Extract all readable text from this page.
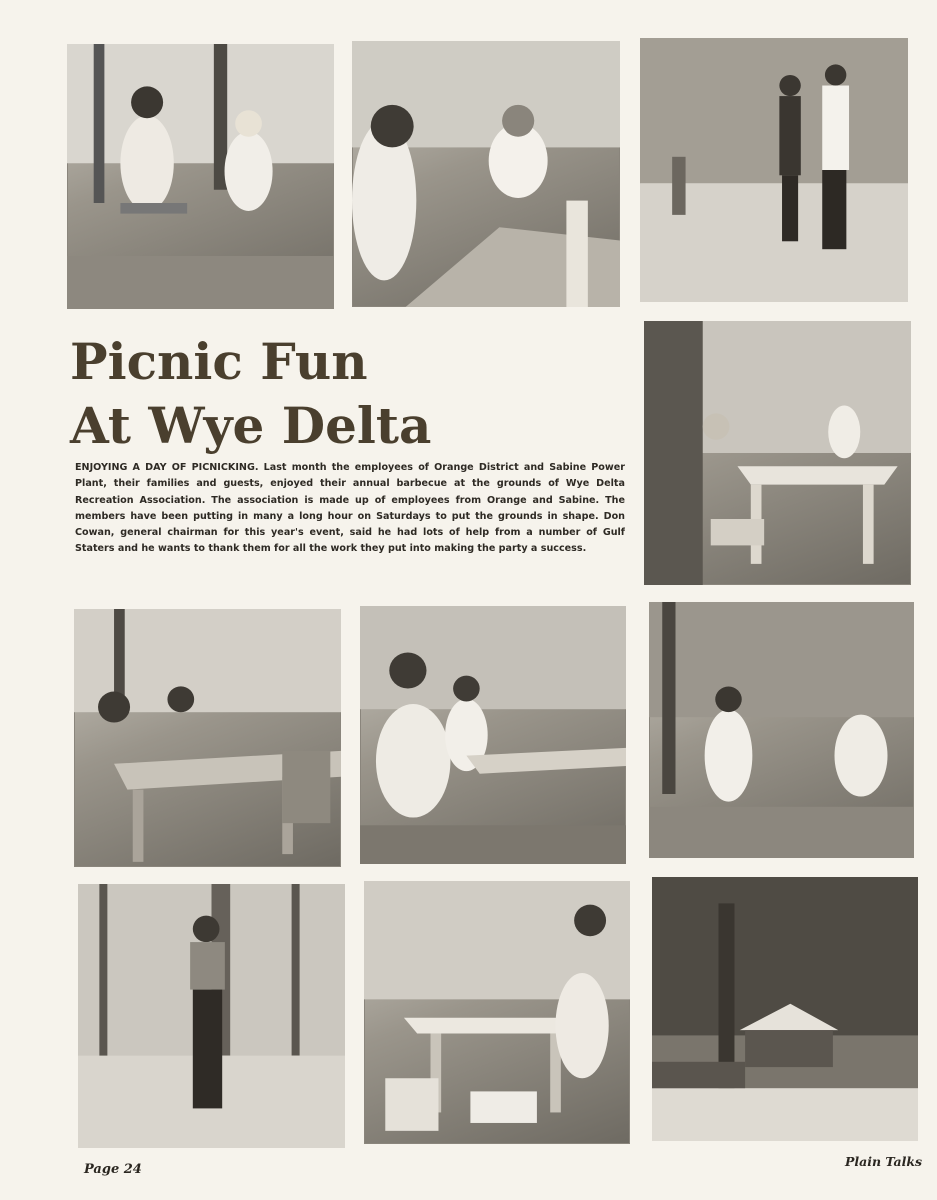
Picnic Fun
At Wye Delta

ENJOYING A DAY OF PICNICKING. Last month the employees of Orange District and Sabine Power Plant, their families and guests, enjoyed their annual barbecue at the grounds of Wye Delta Recreation Association. The association is made up of employees from Orange and Sabine. The members have been putting in many a long hour on Saturdays to put the grounds in shape. Don Cowan, general chairman for this year's event, said he had lots of help from a number of Gulf Staters and he wants to thank them for all the work they put into making the party a success.

Page 24
Plain Talks
